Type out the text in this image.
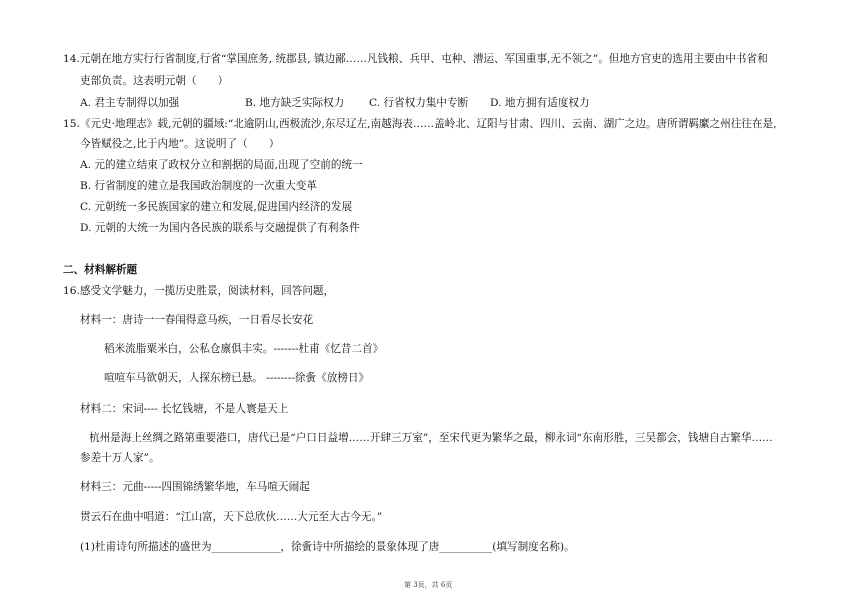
14.元朝在地方实行行省制度,行省“掌国庶务, 统郡县, 镇边鄙……凡钱粮、兵甲、屯种、漕运、军国重事,无不领之”。但地方官吏的选用主要由中书省和
吏部负责。这表明元朝（　　）
A. 君主专制得以加强	B. 地方缺乏实际权力 C. 行省权力集中专断 D. 地方拥有适度权力
15.《元史·地理志》载,元朝的疆域:“北逾阴山,西极流沙,东尽辽左,南越海表……盖岭北、辽阳与甘肃、四川、云南、湖广之边。唐所谓羁縻之州往往在是,
今皆赋役之,比于内地”。这说明了（　　）
A. 元的建立结束了政权分立和割据的局面,出现了空前的统一
B. 行省制度的建立是我国政治制度的一次重大变革
C. 元朝统一多民族国家的建立和发展,促进国内经济的发展
D. 元朝的大统一为国内各民族的联系与交融提供了有利条件
二、材料解析题
16.感受文学魅力，一揽历史胜景，阅读材料，回答问题，
材料一：唐诗一一春闱得意马疾，一日看尽长安花
稻米流脂粟米白，公私仓廪俱丰实。-------杜甫《忆昔二首》
喧喧车马欲朝天，人探东榜已悬。 --------徐夤《放榜日》
材料二：宋词---- 长忆钱塘，不是人寰是天上
杭州是海上丝绸之路第重要港口，唐代已是“户口日益增……开肆三万室”，至宋代更为繁华之最，柳永词“东南形胜，三吴都会，钱塘自古繁华……
参差十万人家”。
材料三：元曲-----四围锦绣繁华地，车马喧天闹起
贯云石在曲中唱道：“江山富，天下总欣伙……大元至大古今无。”
(1)杜甫诗句所描述的盛世为_____________，徐夤诗中所描绘的景象体现了唐__________(填写制度名称)。
第 3页，共 6页
